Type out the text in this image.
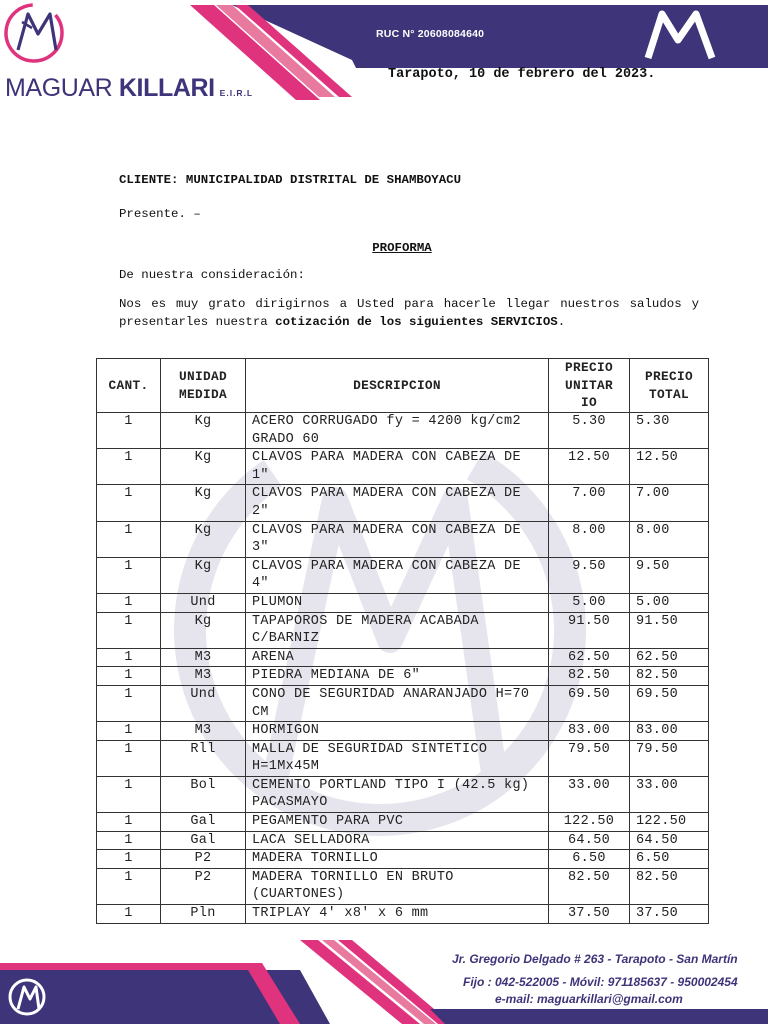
RUC N° 20608084640
MAGUAR KILLARI E.I.R.L
Tarapoto, 10 de febrero del 2023.
CLIENTE: MUNICIPALIDAD DISTRITAL DE SHAMBOYACU
Presente. –
PROFORMA
De nuestra consideración:
Nos es muy grato dirigirnos a Usted para hacerle llegar nuestros saludos y presentarles nuestra cotización de los siguientes SERVICIOS.
CANT.	UNIDAD MEDIDA	DESCRIPCION	PRECIO UNITAR IO	PRECIO TOTAL
1	Kg	ACERO CORRUGADO fy = 4200 kg/cm2 GRADO 60	5.30	5.30
1	Kg	CLAVOS PARA MADERA CON CABEZA DE 1"	12.50	12.50
1	Kg	CLAVOS PARA MADERA CON CABEZA DE 2"	7.00	7.00
1	Kg	CLAVOS PARA MADERA CON CABEZA DE 3"	8.00	8.00
1	Kg	CLAVOS PARA MADERA CON CABEZA DE 4"	9.50	9.50
1	Und	PLUMON	5.00	5.00
1	Kg	TAPAPOROS DE MADERA ACABADA C/BARNIZ	91.50	91.50
1	M3	ARENA	62.50	62.50
1	M3	PIEDRA MEDIANA DE 6"	82.50	82.50
1	Und	CONO DE SEGURIDAD ANARANJADO H=70 CM	69.50	69.50
1	M3	HORMIGON	83.00	83.00
1	Rll	MALLA DE SEGURIDAD SINTETICO H=1Mx45M	79.50	79.50
1	Bol	CEMENTO PORTLAND TIPO I (42.5 kg) PACASMAYO	33.00	33.00
1	Gal	PEGAMENTO PARA PVC	122.50	122.50
1	Gal	LACA SELLADORA	64.50	64.50
1	P2	MADERA TORNILLO	6.50	6.50
1	P2	MADERA TORNILLO EN BRUTO (CUARTONES)	82.50	82.50
1	Pln	TRIPLAY 4' x8' x 6 mm	37.50	37.50
Jr. Gregorio Delgado # 263 - Tarapoto - San Martín
Fijo : 042-522005 - Móvil: 971185637 - 950002454
e-mail: maguarkillari@gmail.com
